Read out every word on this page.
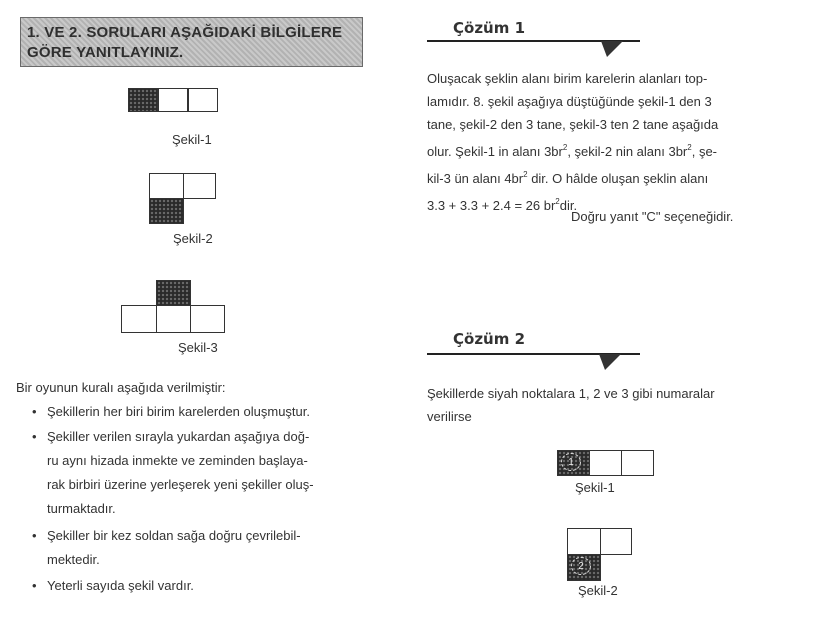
1. VE 2. SORULARI AŞAĞIDAKİ BİLGİLERE
GÖRE YANITLAYINIZ.
Şekil-1
Şekil-2
Şekil-3
Bir oyunun kuralı aşağıda verilmiştir:
• Şekillerin her biri birim karelerden oluşmuştur.
• Şekiller verilen sırayla yukardan aşağıya doğ-
ru aynı hizada inmekte ve zeminden başlaya-
rak birbiri üzerine yerleşerek yeni şekiller oluş-
turmaktadır.
• Şekiller bir kez soldan sağa doğru çevrilebil-
mektedir.
• Yeterli sayıda şekil vardır.
Çözüm 1
Oluşacak şeklin alanı birim karelerin alanları top-
lamıdır. 8. şekil aşağıya düştüğünde şekil-1 den 3
tane, şekil-2 den 3 tane, şekil-3 ten 2 tane aşağıda
olur. Şekil-1 in alanı $3br^2$, şekil-2 nin alanı $3br^2$, şe-
kil-3 ün alanı $4br^2$ dir. O hâlde oluşan şeklin alanı
3.3 + 3.3 + 2.4 = 26 $br^2dir$.
Doğru yanıt "C" seçeneğidir.
Çözüm 2
Şekillerde siyah noktalara 1, 2 ve 3 gibi numaralar
verilirse
1
Şekil-1
2
Şekil-2
